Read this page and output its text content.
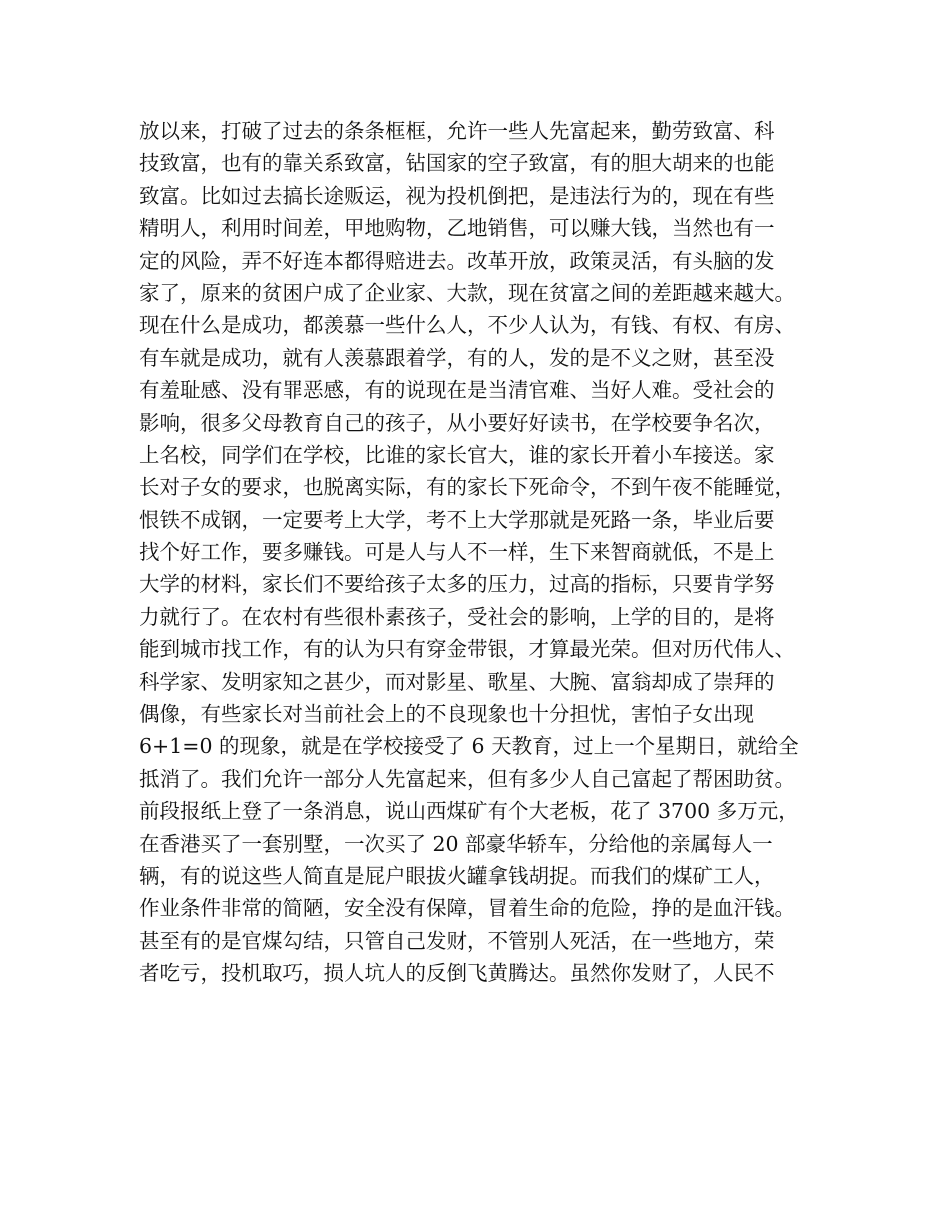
放以来，打破了过去的条条框框，允许一些人先富起来，勤劳致富、科
技致富，也有的靠关系致富，钻国家的空子致富，有的胆大胡来的也能
致富。比如过去搞长途贩运，视为投机倒把，是违法行为的，现在有些
精明人，利用时间差，甲地购物，乙地销售，可以赚大钱，当然也有一
定的风险，弄不好连本都得赔进去。改革开放，政策灵活，有头脑的发
家了，原来的贫困户成了企业家、大款，现在贫富之间的差距越来越大。
现在什么是成功，都羡慕一些什么人，不少人认为，有钱、有权、有房、
有车就是成功，就有人羡慕跟着学，有的人，发的是不义之财，甚至没
有羞耻感、没有罪恶感，有的说现在是当清官难、当好人难。受社会的
影响，很多父母教育自己的孩子，从小要好好读书，在学校要争名次，
上名校，同学们在学校，比谁的家长官大，谁的家长开着小车接送。家
长对子女的要求，也脱离实际，有的家长下死命令，不到午夜不能睡觉，
恨铁不成钢，一定要考上大学，考不上大学那就是死路一条，毕业后要
找个好工作，要多赚钱。可是人与人不一样，生下来智商就低，不是上
大学的材料，家长们不要给孩子太多的压力，过高的指标，只要肯学努
力就行了。在农村有些很朴素孩子，受社会的影响，上学的目的，是将
能到城市找工作，有的认为只有穿金带银，才算最光荣。但对历代伟人、
科学家、发明家知之甚少，而对影星、歌星、大腕、富翁却成了崇拜的
偶像，有些家长对当前社会上的不良现象也十分担忧，害怕子女出现
6+1=0 的现象，就是在学校接受了 6 天教育，过上一个星期日，就给全
抵消了。我们允许一部分人先富起来，但有多少人自己富起了帮困助贫。
前段报纸上登了一条消息，说山西煤矿有个大老板，花了 3700 多万元，
在香港买了一套别墅，一次买了 20 部豪华轿车，分给他的亲属每人一
辆，有的说这些人简直是屁户眼拔火罐拿钱胡捉。而我们的煤矿工人，
作业条件非常的简陋，安全没有保障，冒着生命的危险，挣的是血汗钱。
甚至有的是官煤勾结，只管自己发财，不管别人死活，在一些地方，荣
者吃亏，投机取巧，损人坑人的反倒飞黄腾达。虽然你发财了，人民不
